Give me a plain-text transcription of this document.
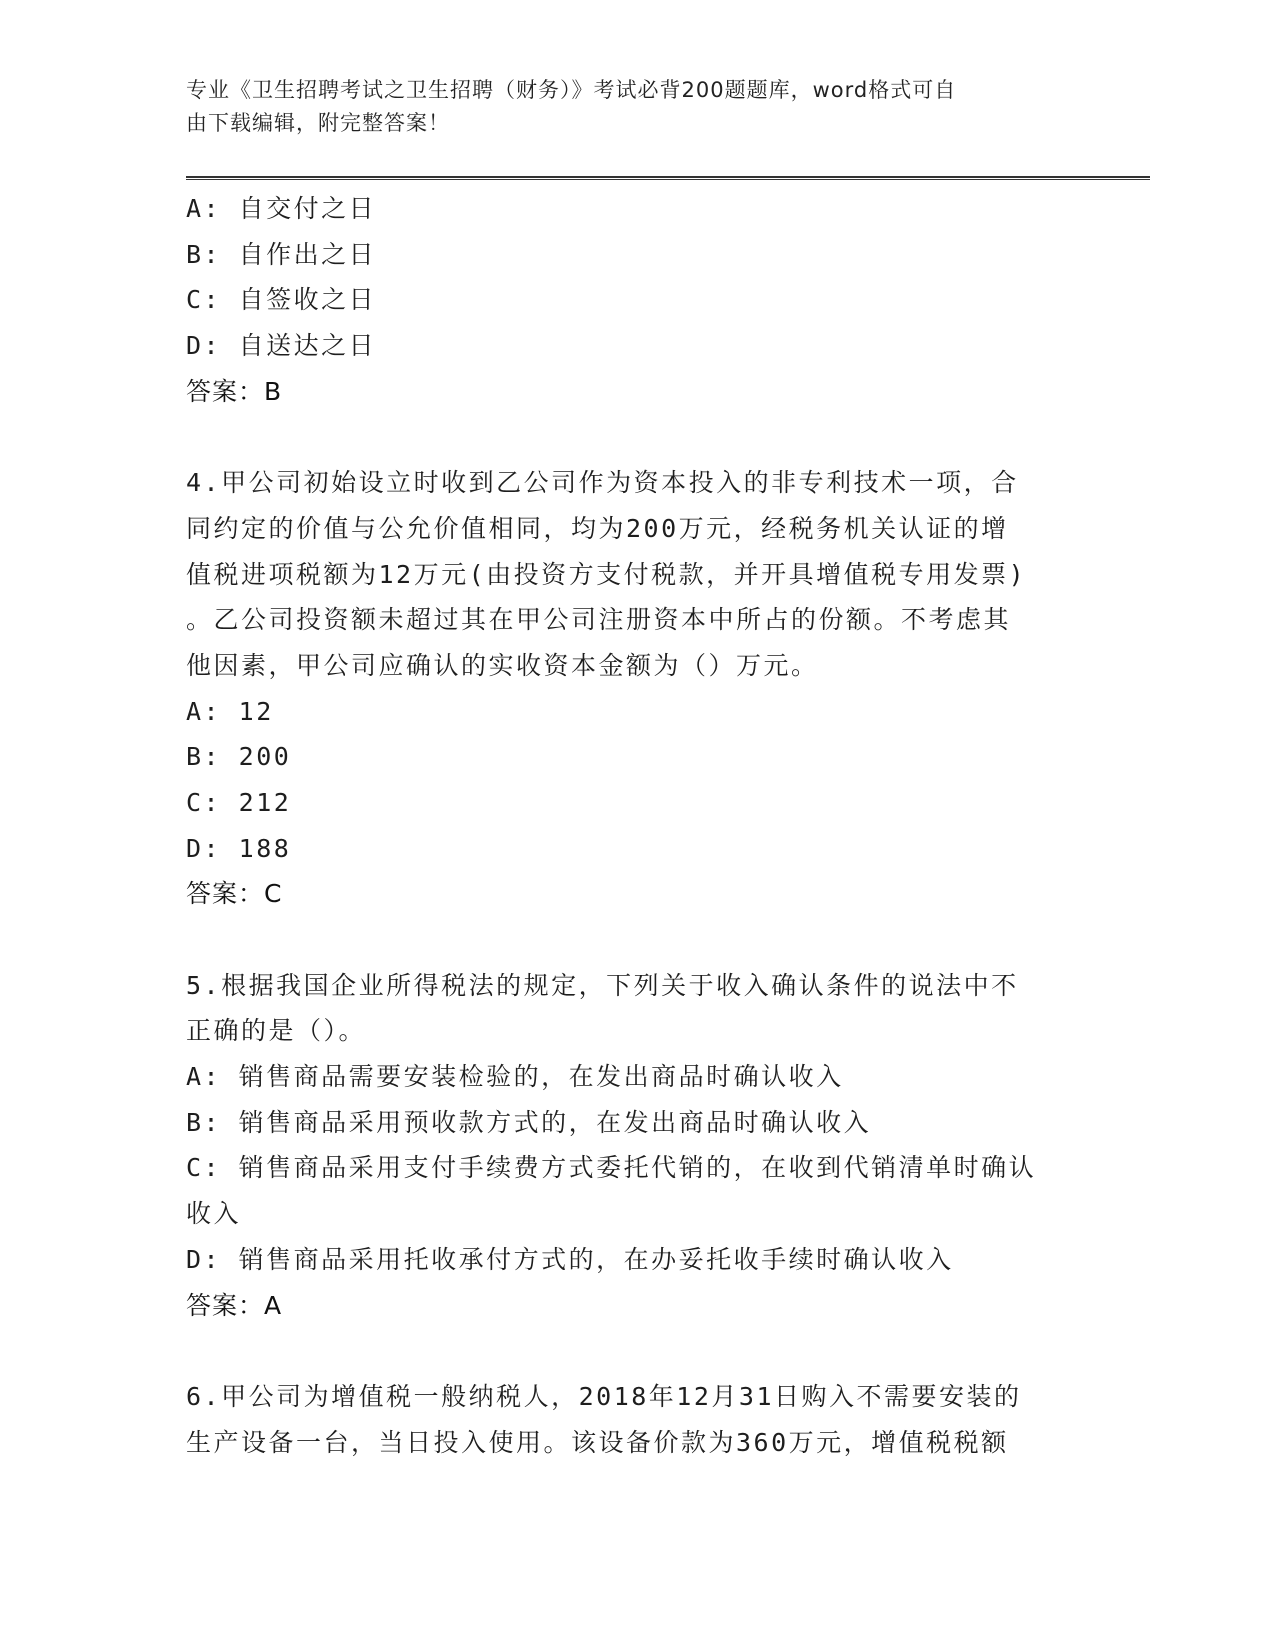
专业《卫生招聘考试之卫生招聘（财务）》考试必背200题题库，word格式可自
由下载编辑，附完整答案！
A: 自交付之日
B: 自作出之日
C: 自签收之日
D: 自送达之日
答案：B
4.甲公司初始设立时收到乙公司作为资本投入的非专利技术一项，合
同约定的价值与公允价值相同，均为200万元，经税务机关认证的增
值税进项税额为12万元(由投资方支付税款，并开具增值税专用发票)
。乙公司投资额未超过其在甲公司注册资本中所占的份额。不考虑其
他因素，甲公司应确认的实收资本金额为（）万元。
A: 12
B: 200
C: 212
D: 188
答案：C
5.根据我国企业所得税法的规定，下列关于收入确认条件的说法中不
正确的是（）。
A: 销售商品需要安装检验的，在发出商品时确认收入
B: 销售商品采用预收款方式的，在发出商品时确认收入
C: 销售商品采用支付手续费方式委托代销的，在收到代销清单时确认
收入
D: 销售商品采用托收承付方式的，在办妥托收手续时确认收入
答案：A
6.甲公司为增值税一般纳税人，2018年12月31日购入不需要安装的
生产设备一台，当日投入使用。该设备价款为360万元，增值税税额
